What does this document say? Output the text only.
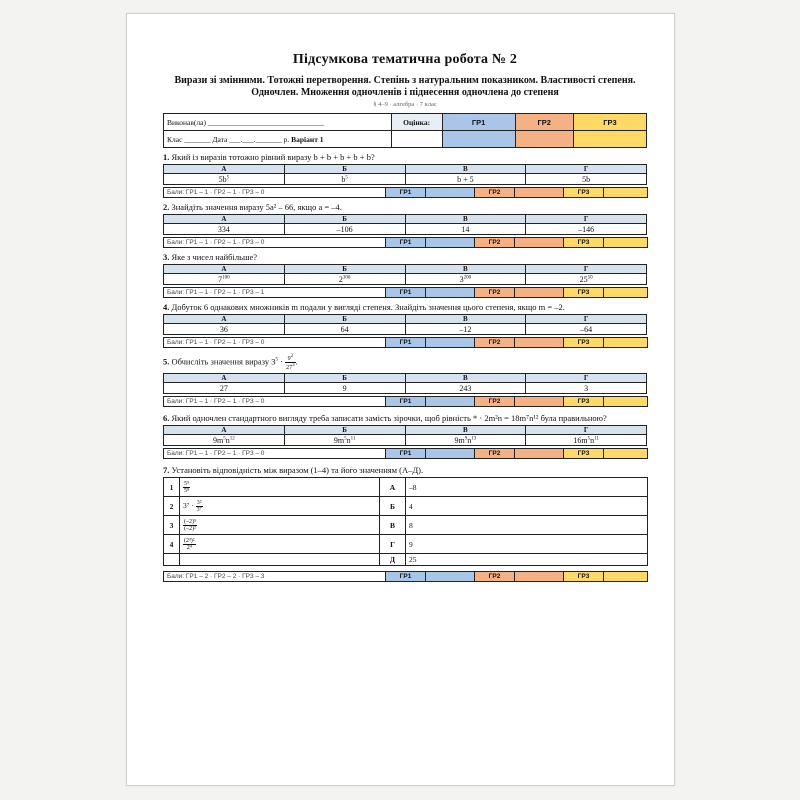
Підсумкова тематична робота № 2
Вирази зі змінними. Тотожні перетворення. Степінь з натуральним показником. Властивості степеня. Одночлен. Множення одночленів і піднесення одночлена до степеня
§ 4–9 · алгебра · 7 клас
Виконав(ла) _______________________________	Оцінка:	ГР1	ГР2	ГР3
Клас _______ Дата ___.___._______ р. Варіант 1				
1. Який із виразів тотожно рівний виразу b + b + b + b + b?
А	Б	В	Г
$5b^5$	$b^5$	b + 5	5b
Бали: ГР1 – 1 · ГР2 – 1 · ГР3 – 0	ГР1		ГР2		ГР3	
2. Знайдіть значення виразу 5a² – 66, якщо a = –4.
А	Б	В	Г
334	–106	14	–146
Бали: ГР1 – 1 · ГР2 – 1 · ГР3 – 0	ГР1		ГР2		ГР3	
3. Яке з чисел найбільше?
А	Б	В	Г
$7^{100}$	$2^{300}$	$3^{200}$	$25^{50}$
Бали: ГР1 – 1 · ГР2 – 1 · ГР3 – 1	ГР1		ГР2		ГР3	
4. Добуток 6 однакових множників m подали у вигляді степеня. Знайдіть значення цього степеня, якщо m = –2.
А	Б	В	Г
36	64	–12	–64
Бали: ГР1 – 1 · ГР2 – 1 · ГР3 – 0	ГР1		ГР2		ГР3	
5. Обчисліть значення виразу $3^5 \cdot \frac{9^2}{27^3}$ .
А	Б	В	Г
27	9	243	3
Бали: ГР1 – 1 · ГР2 – 1 · ГР3 – 0	ГР1		ГР2		ГР3	
6. Який одночлен стандартного вигляду треба записати замість зірочки, щоб рівність * · 2m²n = 18m⁷n¹² була правильною?
А	Б	В	Г
$9m^5n^{12}$	$9m^5n^{11}$	$9m^9n^{13}$	$16m^5n^{11}$
Бали: ГР1 – 1 · ГР2 – 1 · ГР3 – 0	ГР1		ГР2		ГР3	
7. Установіть відповідність між виразом (1–4) та його значенням (А–Д).
1	$\frac{\text{5⁹}}{\text{5⁸}}$	А	–8
2	$3^7 \cdot \frac{\text{3²}}{\text{3⁷}}$	Б	4
3	$\frac{\text{(–2)⁵}}{\text{(–2)²}}$	В	8
4	$\frac{\text{(2³)²}}{\text{2⁴}}$	Г	9
		Д	25
Бали: ГР1 – 2 · ГР2 – 2 · ГР3 – 3	ГР1		ГР2		ГР3	
